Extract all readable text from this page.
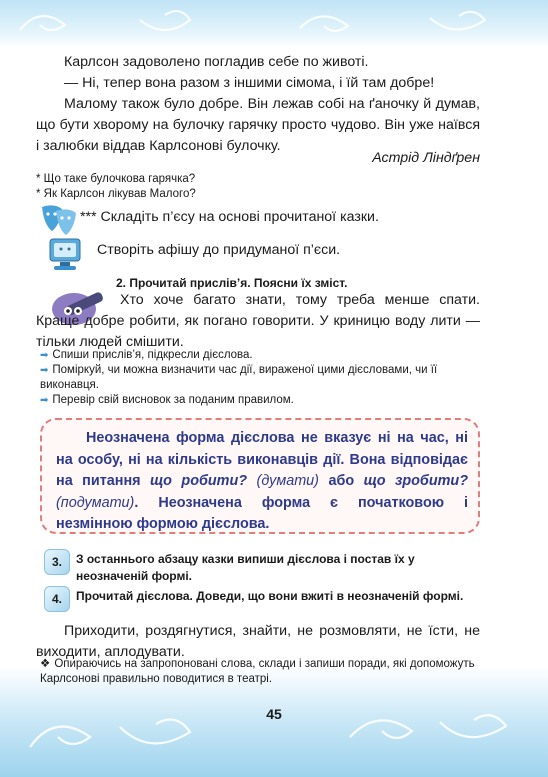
Карлсон задоволено погладив себе по животі.

— Ні, тепер вона разом з іншими сімома, і їй там добре!

Малому також було добре. Він лежав собі на ґаночку й думав, що бути хворому на булочку гарячку просто чудово. Він уже наївся і залюбки віддав Карлсонові булочку.

Астрід Ліндґрен
* Що таке булочкова гарячка?
* Як Карлсон лікував Малого?
*** Складіть п’єсу на основі прочитаної казки.
Створіть афішу до придуманої п’єси.
2. Прочитай прислів’я. Поясни їх зміст.

Хто хоче багато знати, тому треба менше спати. Краще добре робити, як погано говорити. У криницю воду лити — тільки людей смішити.

➡ Спиши прислів’я, підкресли дієслова.
➡ Поміркуй, чи можна визначити час дії, вираженої цими дієсловами, чи її виконавця.
➡ Перевір свій висновок за поданим правилом.

Неозначена форма дієслова не вказує ні на час, ні на особу, ні на кількість виконавців дії. Вона відповідає на питання що робити? (думати) або що зробити? (подумати). Неозначена форма є початковою і незмінною формою дієслова.

3.	З останнього абзацу казки випиши дієслова і постав їх у неозначеній формі.
4.	Прочитай дієслова. Доведи, що вони вжиті в неозначеній формі.

Приходити, роздягнутися, знайти, не розмовляти, не їсти, не виходити, аплодувати.

❖ Опираючись на запропоновані слова, склади і запиши поради, які допоможуть Карлсонові правильно поводитися в театрі.
45
